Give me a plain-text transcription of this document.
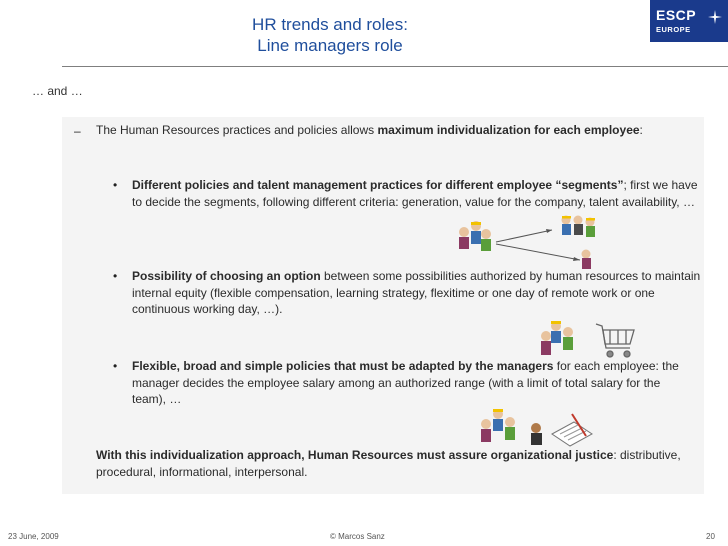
HR trends and roles:
Line managers role
ESCP
EUROPE
… and …
– The Human Resources practices and policies allows maximum individualization for each employee:
• Different policies and talent management practices for different employee “segments”; first we have to decide the segments, following different criteria: generation, value for the company, talent availability, …
• Possibility of choosing an option between some possibilities authorized by human resources to maintain internal equity (flexible compensation, learning strategy, flexitime or one day of remote work or one continuous working day, …).
• Flexible, broad and simple policies that must be adapted by the managers for each employee: the manager decides the employee salary among an authorized range (with a limit of total salary for the team), …
With this individualization approach, Human Resources must assure organizational justice: distributive, procedural, informational, interpersonal.
23 June, 2009	© Marcos Sanz	20
